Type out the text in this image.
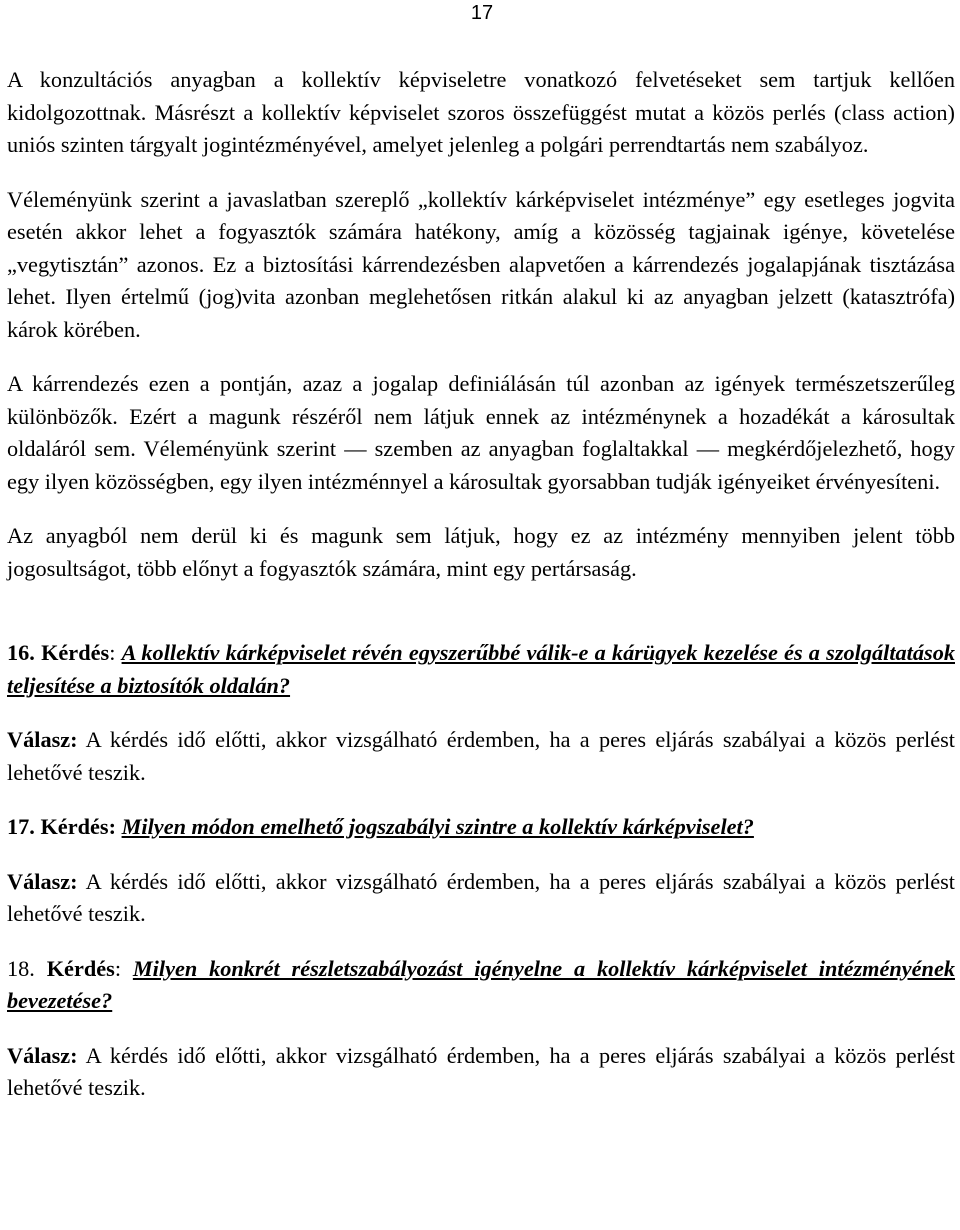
17

A konzultációs anyagban a kollektív képviseletre vonatkozó felvetéseket sem tartjuk kellően kidolgozottnak. Másrészt a kollektív képviselet szoros összefüggést mutat a közös perlés (class action) uniós szinten tárgyalt jogintézményével, amelyet jelenleg a polgári perrendtartás nem szabályoz.

Véleményünk szerint a javaslatban szereplő „kollektív kárképviselet intézménye” egy esetleges jogvita esetén akkor lehet a fogyasztók számára hatékony, amíg a közösség tagjainak igénye, követelése „vegytisztán” azonos. Ez a biztosítási kárrendezésben alapvetően a kárrendezés jogalapjának tisztázása lehet. Ilyen értelmű (jog)vita azonban meglehetősen ritkán alakul ki az anyagban jelzett (katasztrófa) károk körében.

A kárrendezés ezen a pontján, azaz a jogalap definiálásán túl azonban az igények természetszerűleg különbözők. Ezért a magunk részéről nem látjuk ennek az intézménynek a hozadékát a károsultak oldaláról sem. Véleményünk szerint — szemben az anyagban foglaltakkal — megkérdőjelezhető, hogy egy ilyen közösségben, egy ilyen intézménnyel a károsultak gyorsabban tudják igényeiket érvényesíteni.

Az anyagból nem derül ki és magunk sem látjuk, hogy ez az intézmény mennyiben jelent több jogosultságot, több előnyt a fogyasztók számára, mint egy pertársaság.

16. Kérdés: A kollektív kárképviselet révén egyszerűbbé válik-e a kárügyek kezelése és a szolgáltatások teljesítése a biztosítók oldalán?

Válasz: A kérdés idő előtti, akkor vizsgálható érdemben, ha a peres eljárás szabályai a közös perlést lehetővé teszik.

17. Kérdés: Milyen módon emelhető jogszabályi szintre a kollektív kárképviselet?

Válasz: A kérdés idő előtti, akkor vizsgálható érdemben, ha a peres eljárás szabályai a közös perlést lehetővé teszik.

18. Kérdés: Milyen konkrét részletszabályozást igényelne a kollektív kárképviselet intézményének bevezetése?

Válasz: A kérdés idő előtti, akkor vizsgálható érdemben, ha a peres eljárás szabályai a közös perlést lehetővé teszik.
